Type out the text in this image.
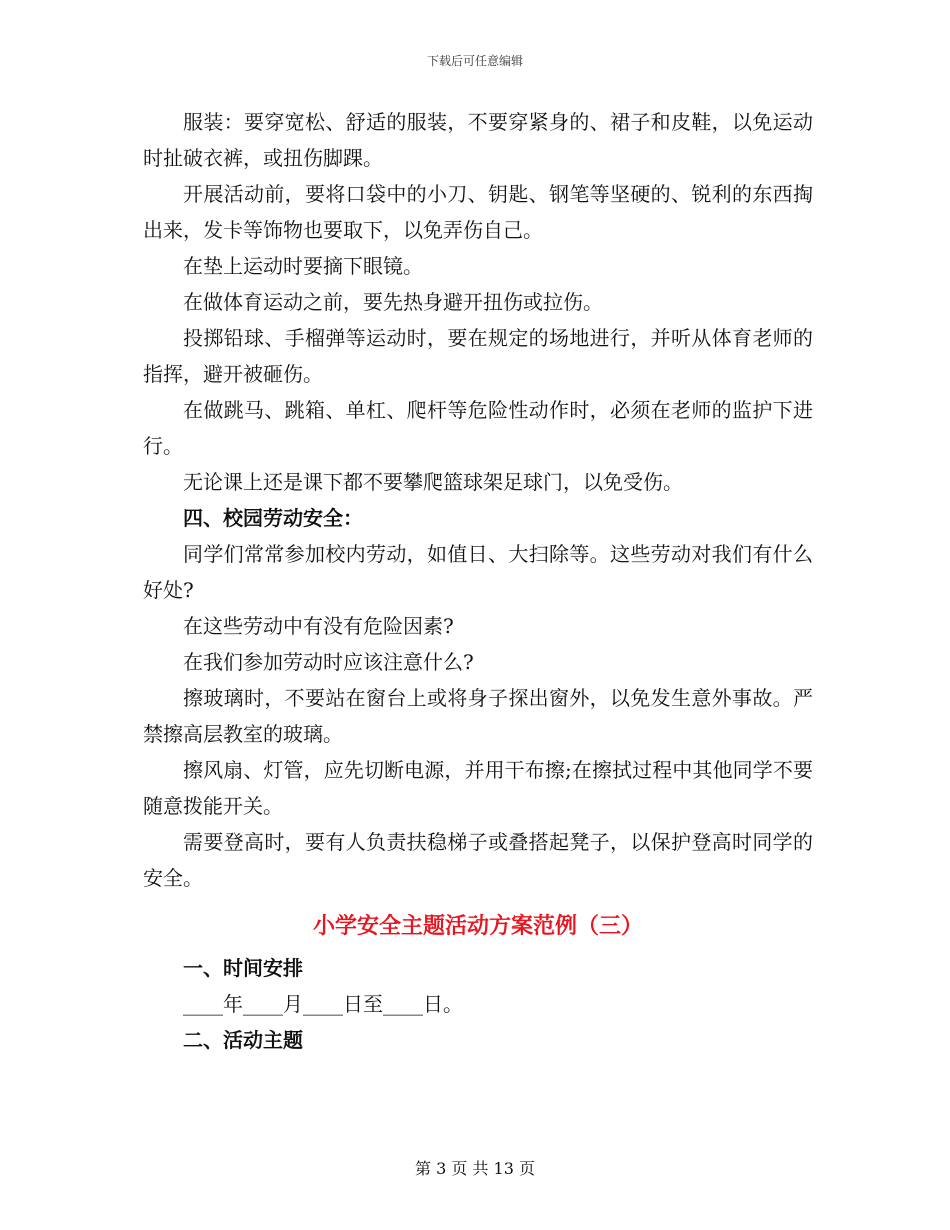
下载后可任意编辑

服装：要穿宽松、舒适的服装，不要穿紧身的、裙子和皮鞋，以免运动时扯破衣裤，或扭伤脚踝。

开展活动前，要将口袋中的小刀、钥匙、钢笔等坚硬的、锐利的东西掏出来，发卡等饰物也要取下，以免弄伤自己。

在垫上运动时要摘下眼镜。

在做体育运动之前，要先热身避开扭伤或拉伤。

投掷铅球、手榴弹等运动时，要在规定的场地进行，并听从体育老师的指挥，避开被砸伤。

在做跳马、跳箱、单杠、爬杆等危险性动作时，必须在老师的监护下进行。

无论课上还是课下都不要攀爬篮球架足球门，以免受伤。

四、校园劳动安全：

同学们常常参加校内劳动，如值日、大扫除等。这些劳动对我们有什么好处?

在这些劳动中有没有危险因素?

在我们参加劳动时应该注意什么?

擦玻璃时，不要站在窗台上或将身子探出窗外，以免发生意外事故。严禁擦高层教室的玻璃。

擦风扇、灯管，应先切断电源，并用干布擦;在擦拭过程中其他同学不要随意拨能开关。

需要登高时，要有人负责扶稳梯子或叠搭起凳子，以保护登高时同学的安全。

小学安全主题活动方案范例（三）

一、时间安排

____年____月____日至____日。

二、活动主题

第 3 页 共 13 页
